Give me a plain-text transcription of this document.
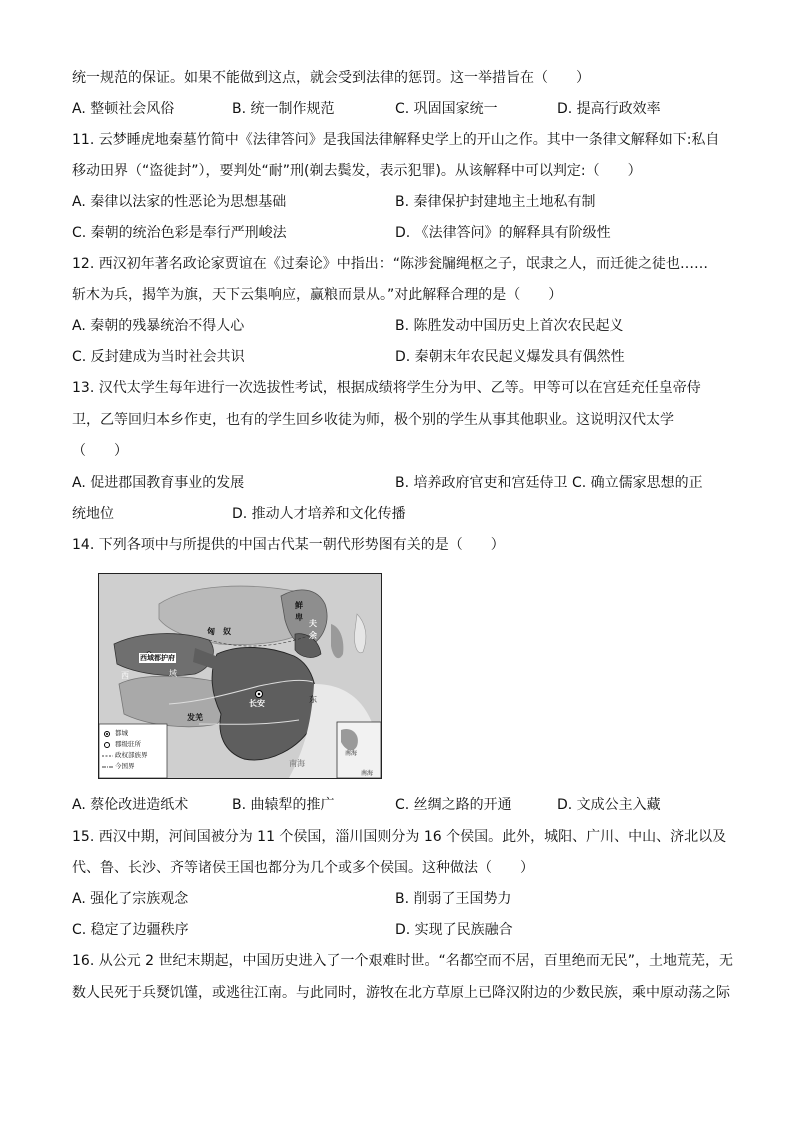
统一规范的保证。如果不能做到这点，就会受到法律的惩罚。这一举措旨在（　　）
A. 整顿社会风俗	B. 统一制作规范	C. 巩固国家统一	D. 提高行政效率
11. 云梦睡虎地秦墓竹简中《法律答问》是我国法律解释史学上的开山之作。其中一条律文解释如下:私自
移动田界（“盗徙封”），要判处“耐”刑(剃去鬓发，表示犯罪)。从该解释中可以判定:（　　）
A. 秦律以法家的性恶论为思想基础	B. 秦律保护封建地主土地私有制
C. 秦朝的统治色彩是奉行严刑峻法	D. 《法律答问》的解释具有阶级性
12. 西汉初年著名政论家贾谊在《过秦论》中指出：“陈涉瓮牖绳枢之子，氓隶之人，而迁徙之徒也……
斩木为兵，揭竿为旗，天下云集响应，赢粮而景从。”对此解释合理的是（　　）
A. 秦朝的残暴统治不得人心	B. 陈胜发动中国历史上首次农民起义
C. 反封建成为当时社会共识	D. 秦朝末年农民起义爆发具有偶然性
13. 汉代太学生每年进行一次选拔性考试，根据成绩将学生分为甲、乙等。甲等可以在宫廷充任皇帝侍
卫，乙等回归本乡作吏，也有的学生回乡收徒为师，极个别的学生从事其他职业。这说明汉代太学
（　　）
A. 促进郡国教育事业的发展	B. 培养政府官吏和宫廷侍卫 C. 确立儒家思想的正
统地位	D. 推动人才培养和文化传播
14. 下列各项中与所提供的中国古代某一朝代形势图有关的是（　　）
匈　奴
鲜
卑
夫
余
西域都护府
西	域
长安
发羌
东
南海
南海
南海
都城
郡级驻所
政权部族界
今国界
A. 蔡伦改进造纸术	B. 曲辕犁的推广	C. 丝绸之路的开通	D. 文成公主入藏
15. 西汉中期，河间国被分为 11 个侯国，淄川国则分为 16 个侯国。此外，城阳、广川、中山、济北以及
代、鲁、长沙、齐等诸侯王国也都分为几个或多个侯国。这种做法（　　）
A. 强化了宗族观念	B. 削弱了王国势力
C. 稳定了边疆秩序	D. 实现了民族融合
16. 从公元 2 世纪末期起，中国历史进入了一个艰难时世。“名都空而不居，百里绝而无民”，土地荒芜，无
数人民死于兵燹饥馑，或逃往江南。与此同时，游牧在北方草原上已降汉附边的少数民族，乘中原动荡之际
